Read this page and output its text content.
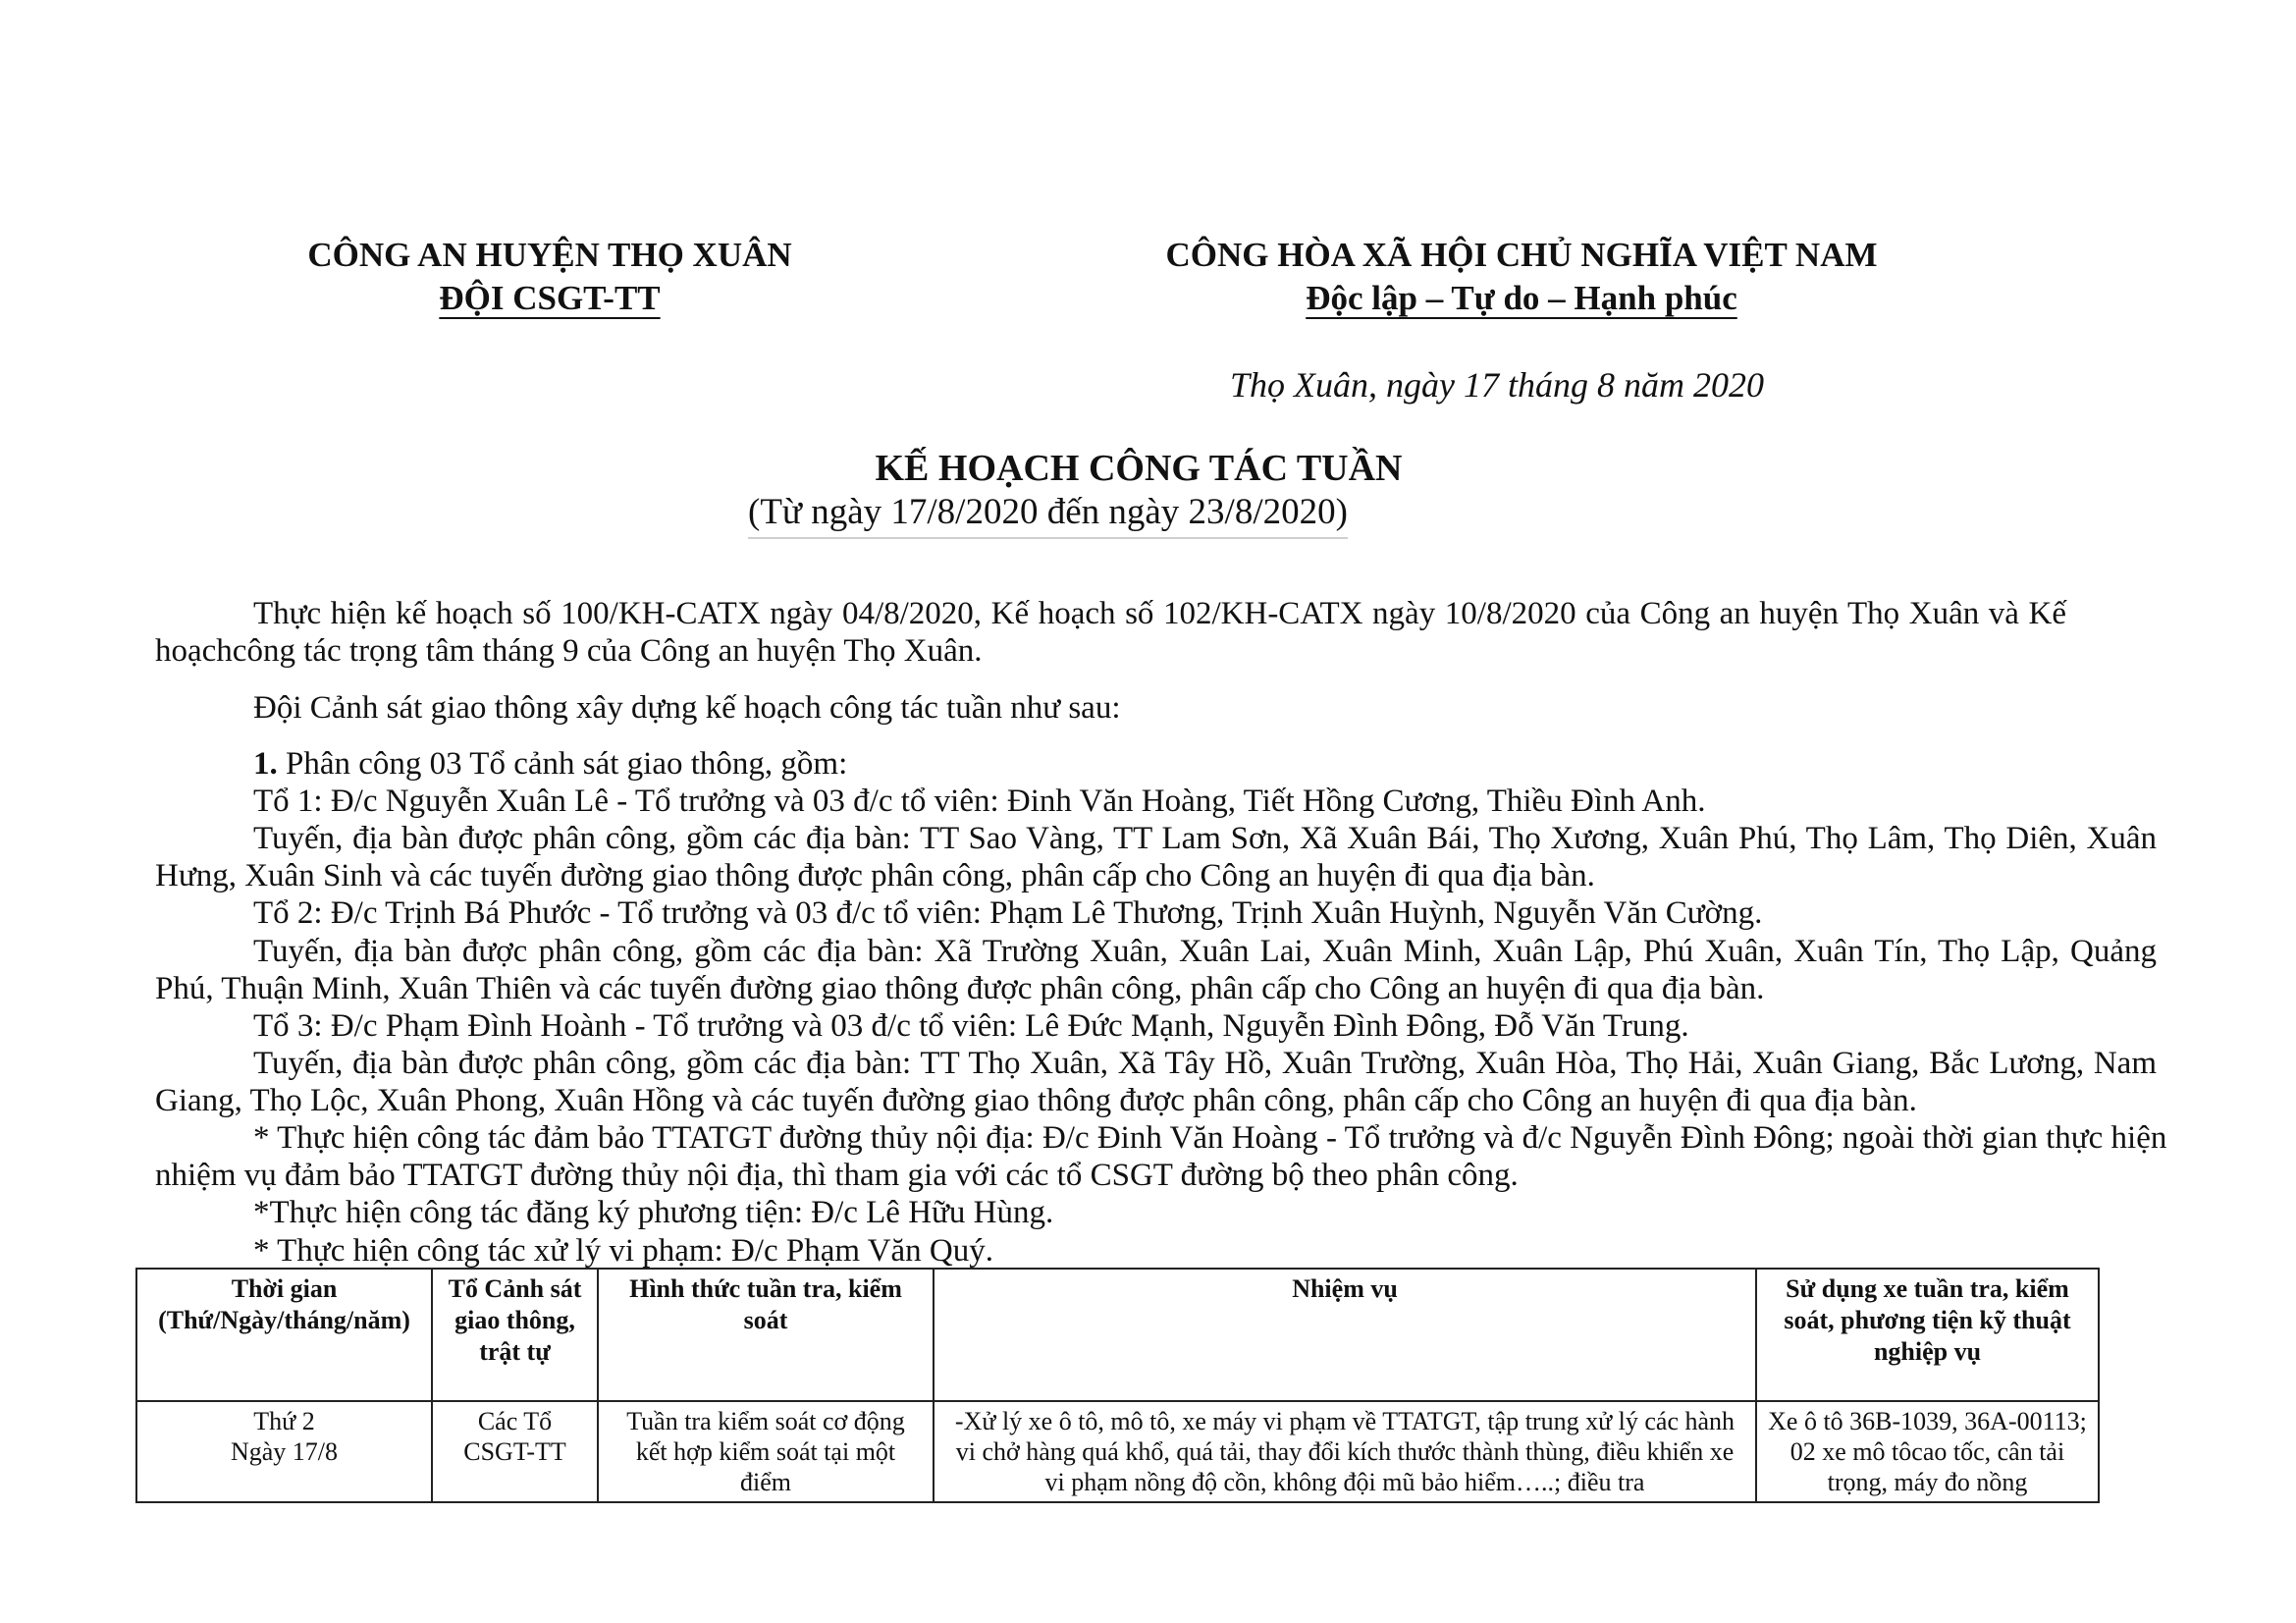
CÔNG AN HUYỆN THỌ XUÂN
ĐỘI CSGT-TT
CÔNG HÒA XÃ HỘI CHỦ NGHĨA VIỆT NAM
Độc lập – Tự do – Hạnh phúc
Thọ Xuân, ngày 17 tháng 8 năm 2020
KẾ HOẠCH CÔNG TÁC TUẦN
(Từ ngày 17/8/2020 đến ngày 23/8/2020)
Thực hiện kế hoạch số 100/KH-CATX ngày 04/8/2020, Kế hoạch số 102/KH-CATX ngày 10/8/2020 của Công an huyện Thọ Xuân và Kế
hoạchcông tác trọng tâm tháng 9 của Công an huyện Thọ Xuân.
Đội Cảnh sát giao thông xây dựng kế hoạch công tác tuần như sau:
1. Phân công 03 Tổ cảnh sát giao thông, gồm:
Tổ 1: Đ/c Nguyễn Xuân Lê - Tổ trưởng và 03 đ/c tổ viên: Đinh Văn Hoàng, Tiết Hồng Cương, Thiều Đình Anh.
Tuyến, địa bàn được phân công, gồm các địa bàn: TT Sao Vàng, TT Lam Sơn, Xã Xuân Bái, Thọ Xương, Xuân Phú, Thọ Lâm, Thọ Diên, Xuân
Hưng, Xuân Sinh và các tuyến đường giao thông được phân công, phân cấp cho Công an huyện đi qua địa bàn.
Tổ 2: Đ/c Trịnh Bá Phước - Tổ trưởng và 03 đ/c tổ viên: Phạm Lê Thương, Trịnh Xuân Huỳnh, Nguyễn Văn Cường.
Tuyến, địa bàn được phân công, gồm các địa bàn: Xã Trường Xuân, Xuân Lai, Xuân Minh, Xuân Lập, Phú Xuân, Xuân Tín, Thọ Lập, Quảng
Phú, Thuận Minh, Xuân Thiên và các tuyến đường giao thông được phân công, phân cấp cho Công an huyện đi qua địa bàn.
Tổ 3: Đ/c Phạm Đình Hoành - Tổ trưởng và 03 đ/c tổ viên: Lê Đức Mạnh, Nguyễn Đình Đông, Đỗ Văn Trung.
Tuyến, địa bàn được phân công, gồm các địa bàn: TT Thọ Xuân, Xã Tây Hồ, Xuân Trường, Xuân Hòa, Thọ Hải, Xuân Giang, Bắc Lương, Nam
Giang, Thọ Lộc, Xuân Phong, Xuân Hồng và các tuyến đường giao thông được phân công, phân cấp cho Công an huyện đi qua địa bàn.
* Thực hiện công tác đảm bảo TTATGT đường thủy nội địa: Đ/c Đinh Văn Hoàng - Tổ trưởng và đ/c Nguyễn Đình Đông; ngoài thời gian thực hiện
nhiệm vụ đảm bảo TTATGT đường thủy nội địa, thì tham gia với các tổ CSGT đường bộ theo phân công.
*Thực hiện công tác đăng ký phương tiện: Đ/c Lê Hữu Hùng.
* Thực hiện công tác xử lý vi phạm: Đ/c Phạm Văn Quý.
Thời gian (Thứ/Ngày/tháng/năm)	Tổ Cảnh sát giao thông, trật tự	Hình thức tuần tra, kiểm soát	Nhiệm vụ	Sử dụng xe tuần tra, kiểm soát, phương tiện kỹ thuật nghiệp vụ

Thứ 2
Ngày 17/8	Các Tổ CSGT-TT	Tuần tra kiểm soát cơ động kết hợp kiểm soát tại một điểm	-Xử lý xe ô tô, mô tô, xe máy vi phạm về TTATGT, tập trung xử lý các hành vi chở hàng quá khổ, quá tải, thay đổi kích thước thành thùng, điều khiển xe vi phạm nồng độ cồn, không đội mũ bảo hiểm…..; điều tra	Xe ô tô 36B-1039, 36A-00113; 02 xe mô tôcao tốc, cân tải trọng, máy đo nồng
